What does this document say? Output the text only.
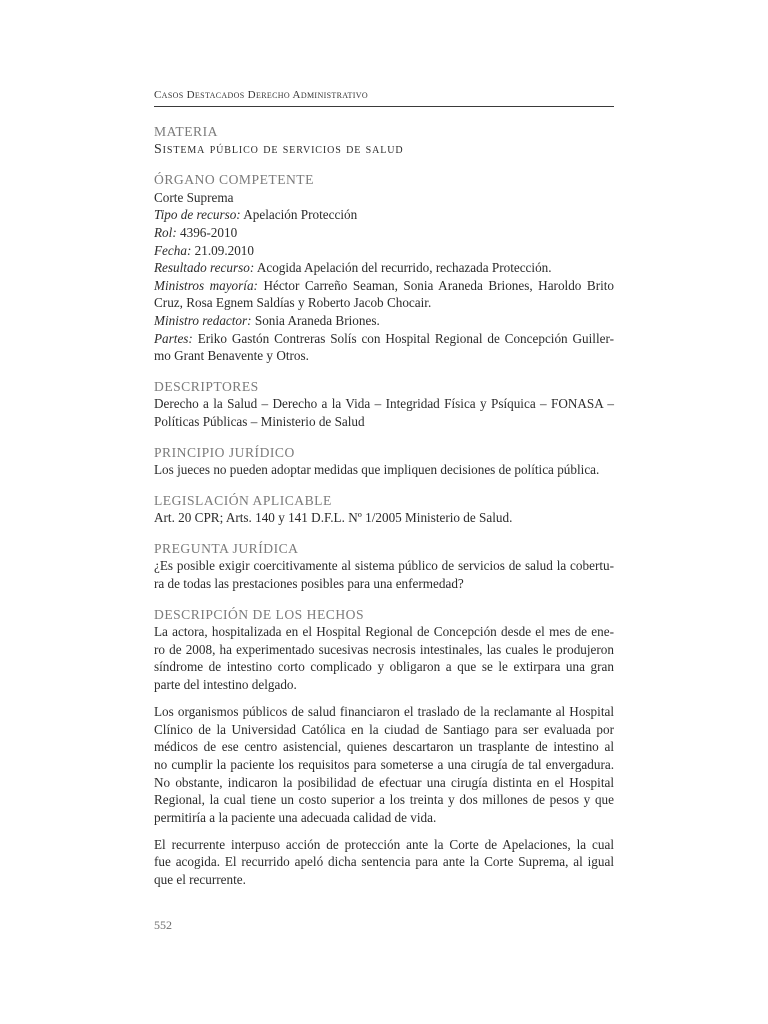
Casos Destacados Derecho Administrativo
MATERIA
Sistema público de servicios de salud
ÓRGANO COMPETENTE
Corte Suprema
Tipo de recurso: Apelación Protección
Rol: 4396-2010
Fecha: 21.09.2010
Resultado recurso: Acogida Apelación del recurrido, rechazada Protección.
Ministros mayoría: Héctor Carreño Seaman, Sonia Araneda Briones, Haroldo Brito
Cruz, Rosa Egnem Saldías y Roberto Jacob Chocair.
Ministro redactor: Sonia Araneda Briones.
Partes: Eriko Gastón Contreras Solís con Hospital Regional de Concepción Guiller-
mo Grant Benavente y Otros.
DESCRIPTORES
Derecho a la Salud – Derecho a la Vida – Integridad Física y Psíquica – FONASA –
Políticas Públicas – Ministerio de Salud
PRINCIPIO JURÍDICO
Los jueces no pueden adoptar medidas que impliquen decisiones de política pública.
LEGISLACIÓN APLICABLE
Art. 20 CPR; Arts. 140 y 141 D.F.L. Nº 1/2005 Ministerio de Salud.
PREGUNTA JURÍDICA
¿Es posible exigir coercitivamente al sistema público de servicios de salud la cobertu-
ra de todas las prestaciones posibles para una enfermedad?
DESCRIPCIÓN DE LOS HECHOS
La actora, hospitalizada en el Hospital Regional de Concepción desde el mes de ene-
ro de 2008, ha experimentado sucesivas necrosis intestinales, las cuales le produjeron
síndrome de intestino corto complicado y obligaron a que se le extirpara una gran
parte del intestino delgado.
Los organismos públicos de salud financiaron el traslado de la reclamante al Hospital
Clínico de la Universidad Católica en la ciudad de Santiago para ser evaluada por
médicos de ese centro asistencial, quienes descartaron un trasplante de intestino al
no cumplir la paciente los requisitos para someterse a una cirugía de tal envergadura.
No obstante, indicaron la posibilidad de efectuar una cirugía distinta en el Hospital
Regional, la cual tiene un costo superior a los treinta y dos millones de pesos y que
permitiría a la paciente una adecuada calidad de vida.
El recurrente interpuso acción de protección ante la Corte de Apelaciones, la cual
fue acogida. El recurrido apeló dicha sentencia para ante la Corte Suprema, al igual
que el recurrente.
552
